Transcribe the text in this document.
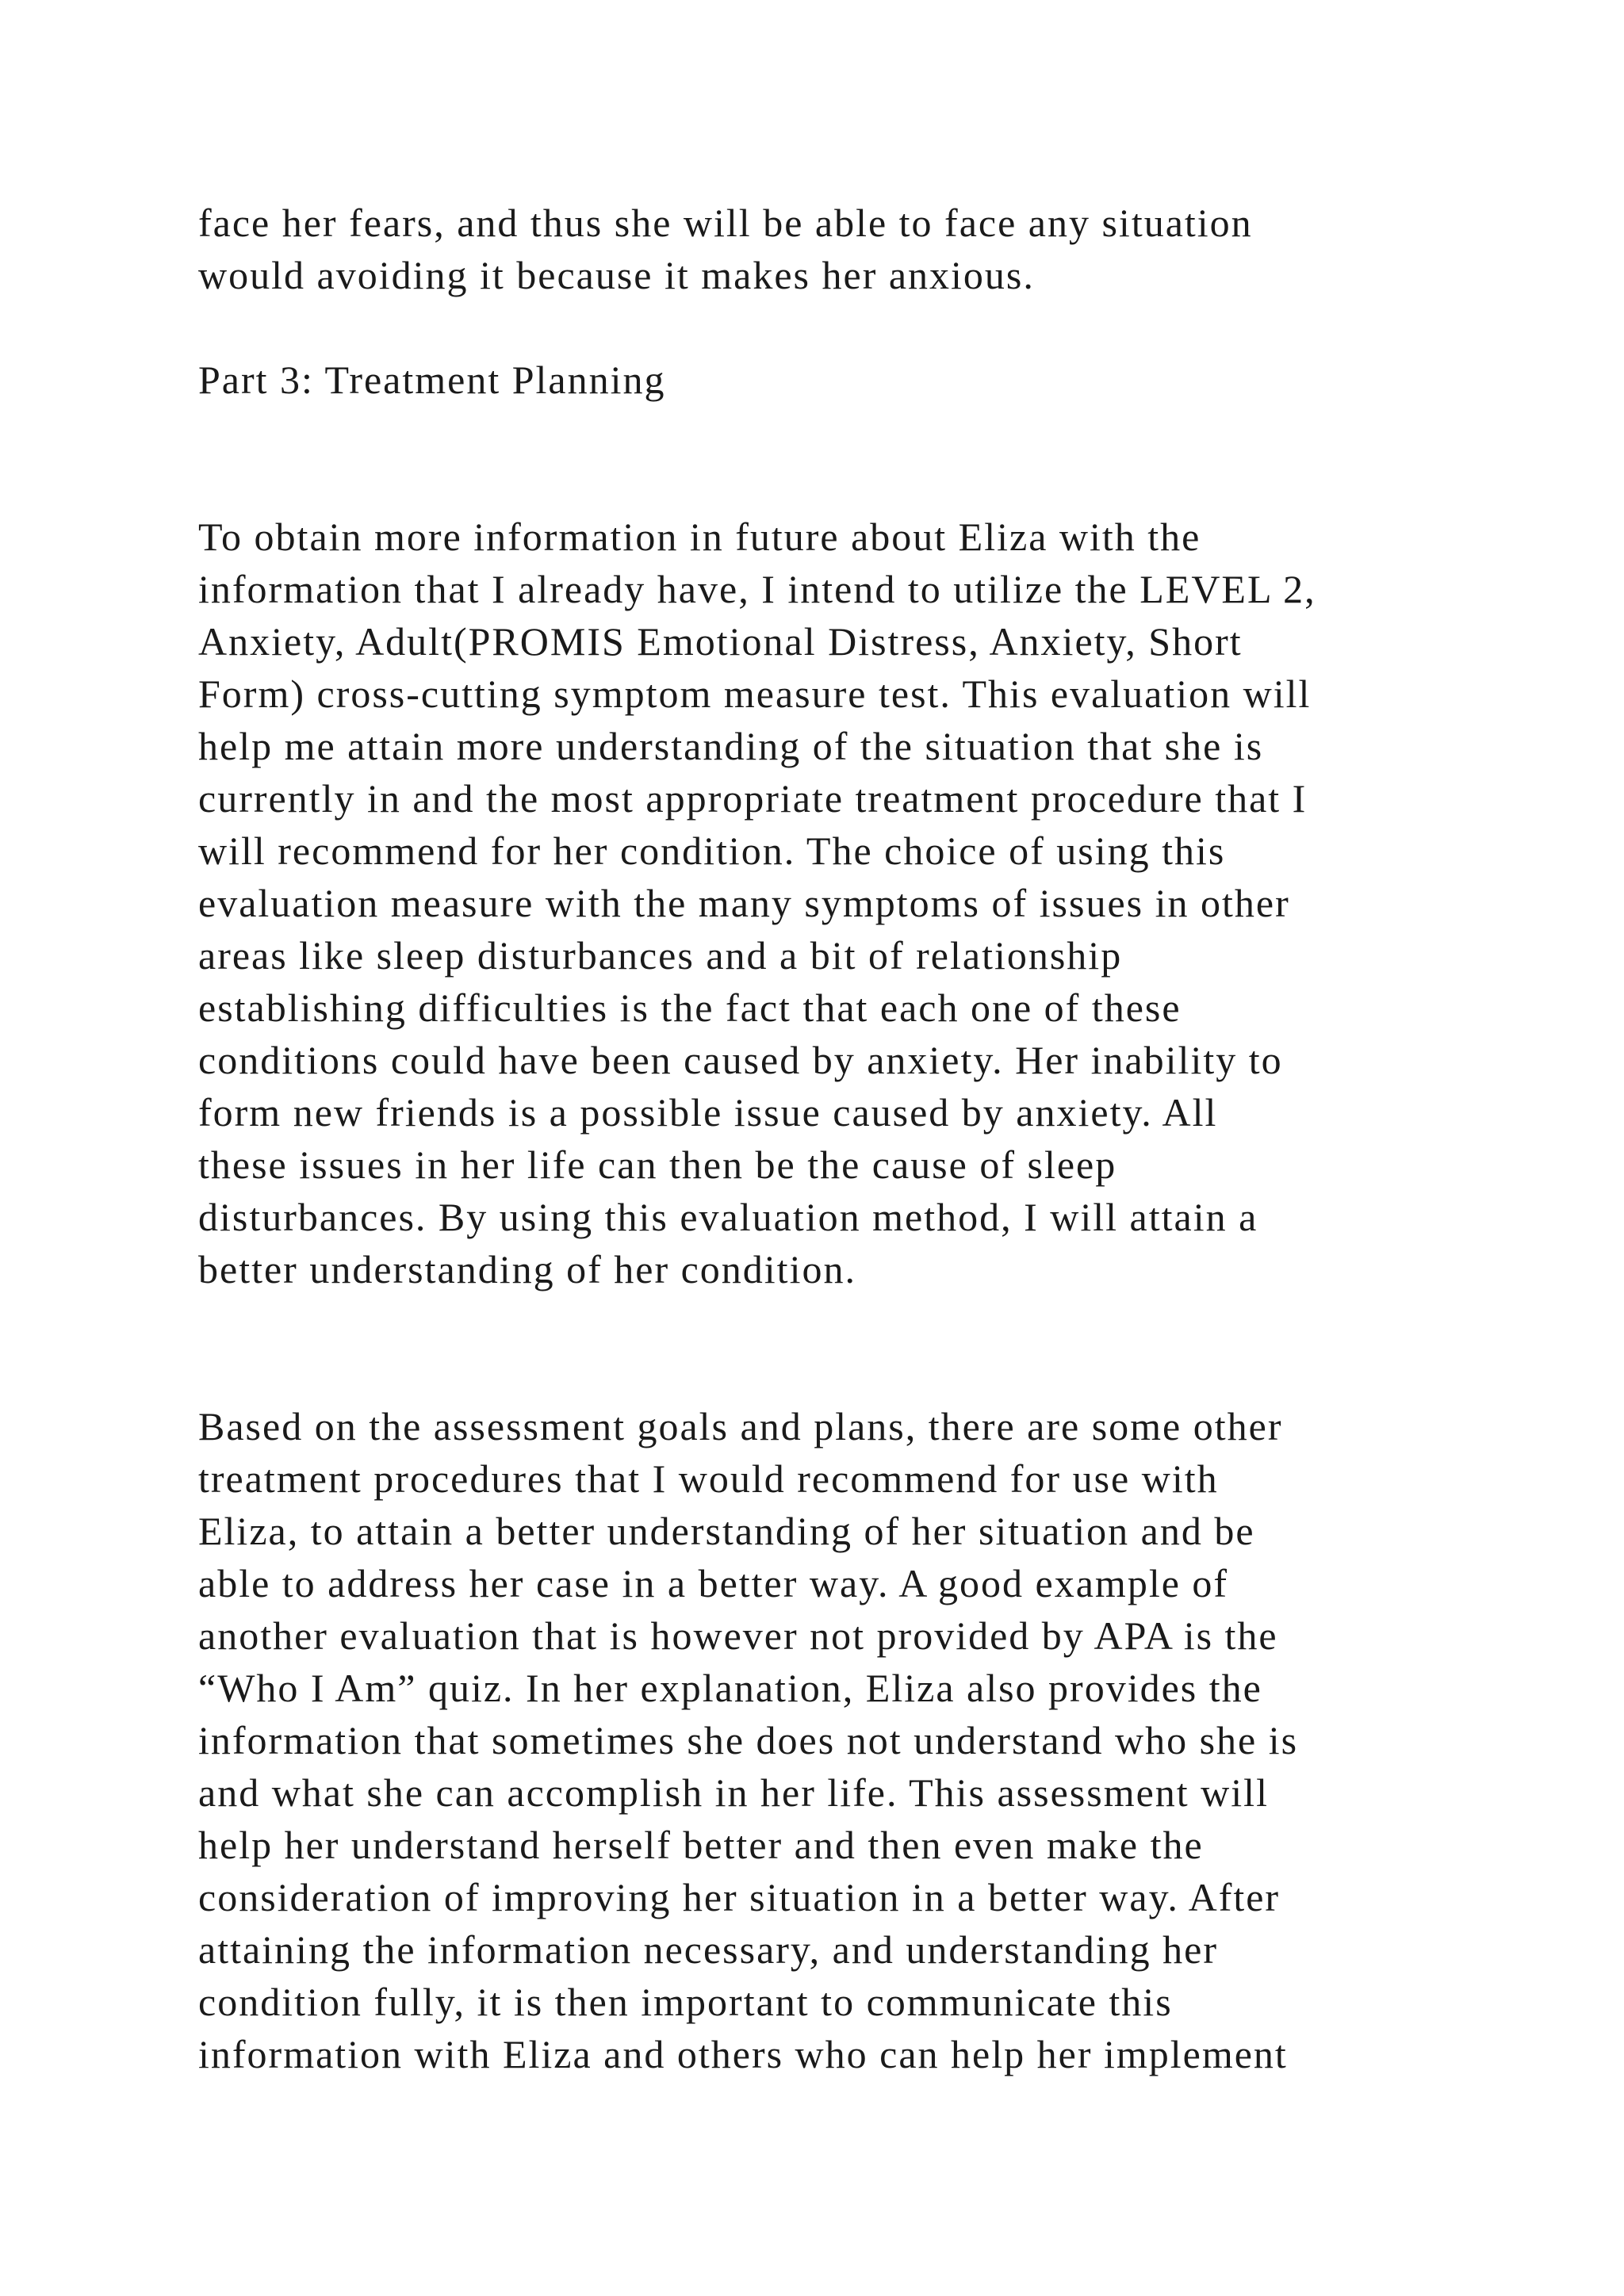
face her fears, and thus she will be able to face any situation
would avoiding it because it makes her anxious.
Part 3: Treatment Planning
To obtain more information in future about Eliza with the
information that I already have, I intend to utilize the LEVEL 2,
Anxiety, Adult(PROMIS Emotional Distress, Anxiety, Short
Form) cross-cutting symptom measure test. This evaluation will
help me attain more understanding of the situation that she is
currently in and the most appropriate treatment procedure that I
will recommend for her condition. The choice of using this
evaluation measure with the many symptoms of issues in other
areas like sleep disturbances and a bit of relationship
establishing difficulties is the fact that each one of these
conditions could have been caused by anxiety. Her inability to
form new friends is a possible issue caused by anxiety. All
these issues in her life can then be the cause of sleep
disturbances. By using this evaluation method, I will attain a
better understanding of her condition.
Based on the assessment goals and plans, there are some other
treatment procedures that I would recommend for use with
Eliza, to attain a better understanding of her situation and be
able to address her case in a better way. A good example of
another evaluation that is however not provided by APA is the
“Who I Am” quiz. In her explanation, Eliza also provides the
information that sometimes she does not understand who she is
and what she can accomplish in her life. This assessment will
help her understand herself better and then even make the
consideration of improving her situation in a better way. After
attaining the information necessary, and understanding her
condition fully, it is then important to communicate this
information with Eliza and others who can help her implement
